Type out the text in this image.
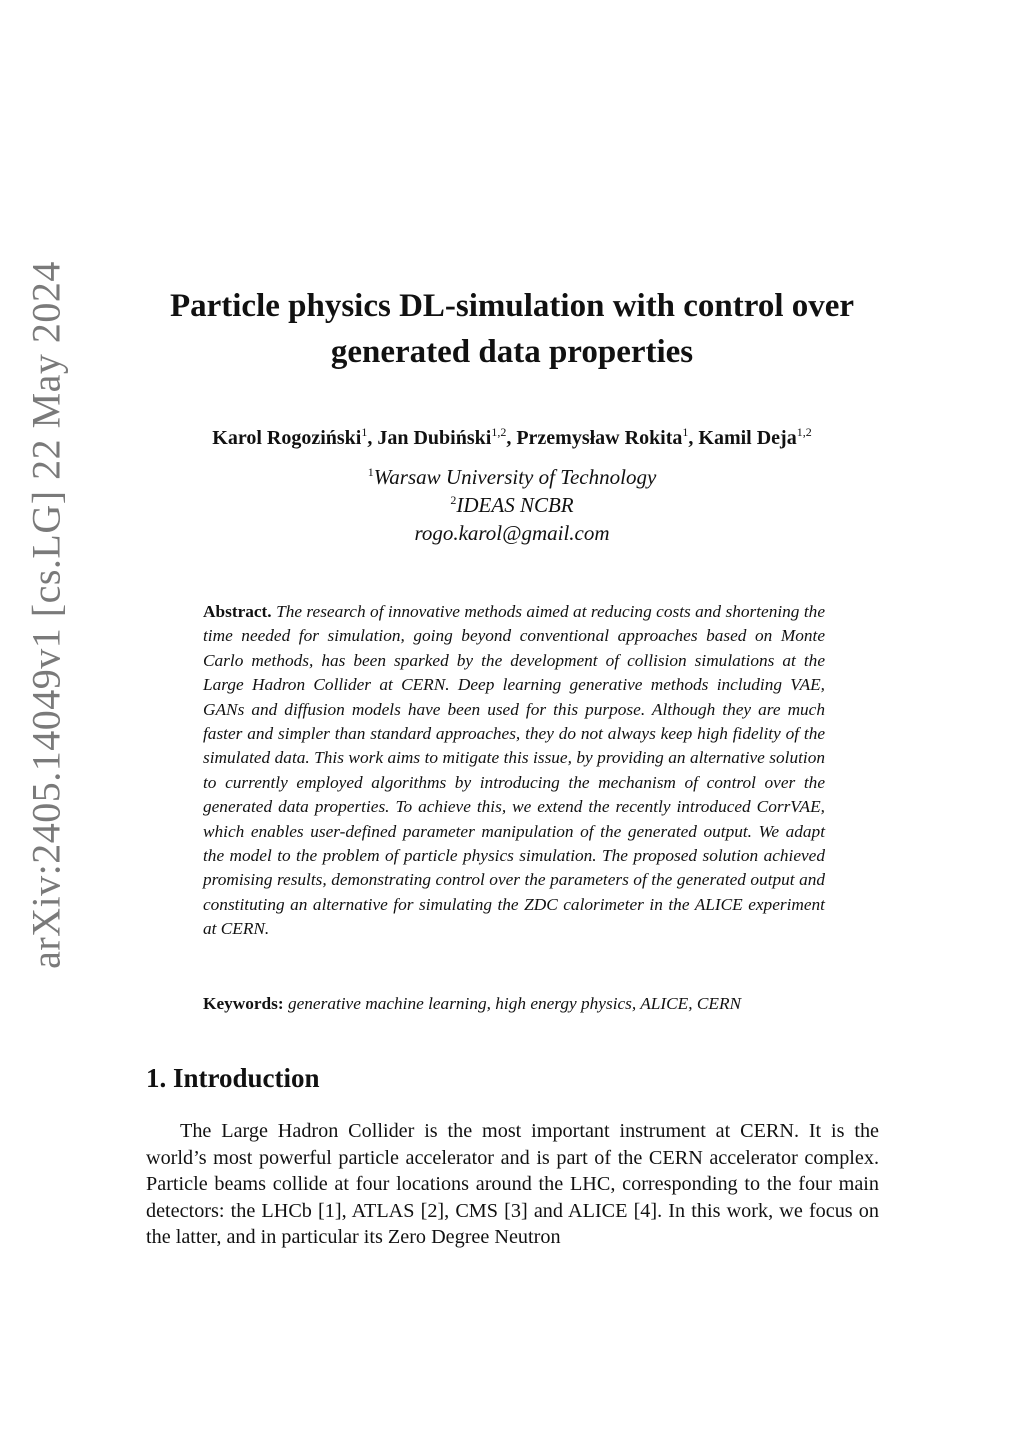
arXiv:2405.14049v1 [cs.LG] 22 May 2024	Particle physics DL-simulation with control over
generated data properties
Karol Rogoziński$^1$, Jan Dubiński$^{1,2}$, Przemysław Rokita$^1$, Kamil Deja$^{1,2}$
$^1$Warsaw University of Technology
$^2$IDEAS NCBR
rogo.karol@gmail.com
Abstract. The research of innovative methods aimed at reducing costs and shortening the time needed for simulation, going beyond conventional approaches based on Monte Carlo methods, has been sparked by the development of collision simulations at the Large Hadron Collider at CERN. Deep learning generative methods including VAE, GANs and diffusion models have been used for this purpose. Although they are much faster and simpler than standard approaches, they do not always keep high fidelity of the simulated data. This work aims to mitigate this issue, by providing an alternative solution to currently employed algorithms by introducing the mechanism of control over the generated data properties. To achieve this, we extend the recently introduced CorrVAE, which enables user-defined parameter manipulation of the generated output. We adapt the model to the problem of particle physics simulation. The proposed solution achieved promising results, demonstrating control over the parameters of the generated output and constituting an alternative for simulating the ZDC calorimeter in the ALICE experiment at CERN.
Keywords: generative machine learning, high energy physics, ALICE, CERN
1. Introduction

The Large Hadron Collider is the most important instrument at CERN. It is the world’s most powerful particle accelerator and is part of the CERN accelerator complex. Particle beams collide at four locations around the LHC, corresponding to the four main detectors: the LHCb [1], ATLAS [2], CMS [3] and ALICE [4]. In this work, we focus on the latter, and in particular its Zero Degree Neutron
